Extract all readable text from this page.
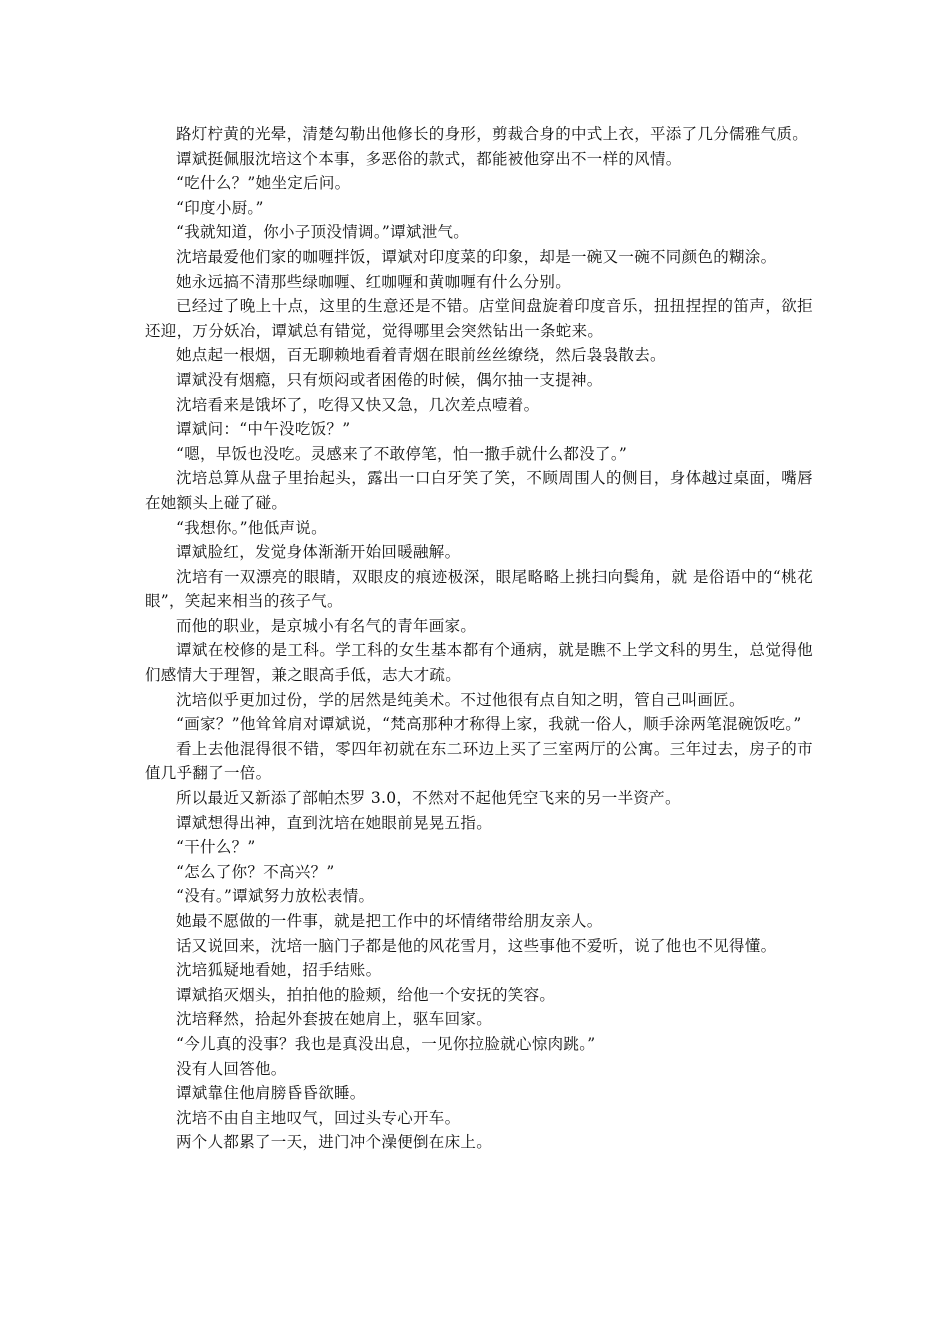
路灯柠黄的光晕，清楚勾勒出他修长的身形，剪裁合身的中式上衣，平添了几分儒雅气质。

谭斌挺佩服沈培这个本事，多恶俗的款式，都能被他穿出不一样的风情。

“吃什么？”她坐定后问。

“印度小厨。”

“我就知道，你小子顶没情调。”谭斌泄气。

沈培最爱他们家的咖喱拌饭，谭斌对印度菜的印象，却是一碗又一碗不同颜色的糊涂。

她永远搞不清那些绿咖喱、红咖喱和黄咖喱有什么分别。

已经过了晚上十点，这里的生意还是不错。店堂间盘旋着印度音乐，扭扭捏捏的笛声，欲拒还迎，万分妖冶，谭斌总有错觉，觉得哪里会突然钻出一条蛇来。

她点起一根烟，百无聊赖地看着青烟在眼前丝丝缭绕，然后袅袅散去。

谭斌没有烟瘾，只有烦闷或者困倦的时候，偶尔抽一支提神。

沈培看来是饿坏了，吃得又快又急，几次差点噎着。

谭斌问：“中午没吃饭？”

“嗯，早饭也没吃。灵感来了不敢停笔，怕一撒手就什么都没了。”

沈培总算从盘子里抬起头，露出一口白牙笑了笑，不顾周围人的侧目，身体越过桌面，嘴唇在她额头上碰了碰。

“我想你。”他低声说。

谭斌脸红，发觉身体渐渐开始回暖融解。

沈培有一双漂亮的眼睛，双眼皮的痕迹极深，眼尾略略上挑扫向鬓角，就 是俗语中的“桃花眼”，笑起来相当的孩子气。

而他的职业，是京城小有名气的青年画家。

谭斌在校修的是工科。学工科的女生基本都有个通病，就是瞧不上学文科的男生，总觉得他们感情大于理智，兼之眼高手低，志大才疏。

沈培似乎更加过份，学的居然是纯美术。不过他很有点自知之明，管自己叫画匠。

“画家？”他耸耸肩对谭斌说，“梵高那种才称得上家，我就一俗人，顺手涂两笔混碗饭吃。”

看上去他混得很不错，零四年初就在东二环边上买了三室两厅的公寓。三年过去，房子的市值几乎翻了一倍。

所以最近又新添了部帕杰罗 3.0，不然对不起他凭空飞来的另一半资产。

谭斌想得出神，直到沈培在她眼前晃晃五指。

“干什么？”

“怎么了你？不高兴？”

“没有。”谭斌努力放松表情。

她最不愿做的一件事，就是把工作中的坏情绪带给朋友亲人。

话又说回来，沈培一脑门子都是他的风花雪月，这些事他不爱听，说了他也不见得懂。

沈培狐疑地看她，招手结账。

谭斌掐灭烟头，拍拍他的脸颊，给他一个安抚的笑容。

沈培释然，拾起外套披在她肩上，驱车回家。

“今儿真的没事？我也是真没出息，一见你拉脸就心惊肉跳。”

没有人回答他。

谭斌靠住他肩膀昏昏欲睡。

沈培不由自主地叹气，回过头专心开车。

两个人都累了一天，进门冲个澡便倒在床上。
